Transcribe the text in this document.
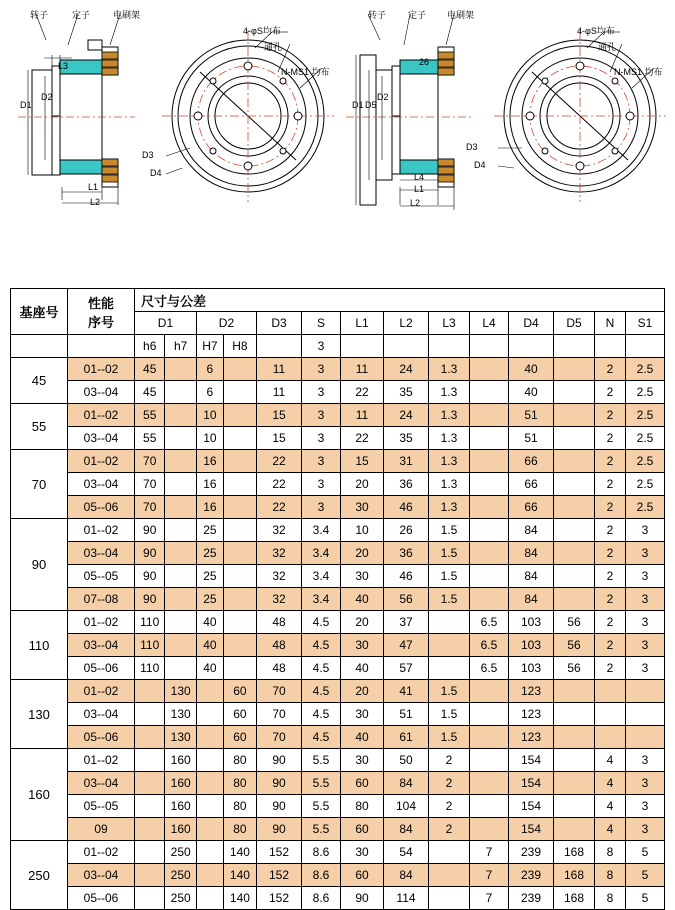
转子	定子	电刷架
4-φS均布
通孔
N-MS1 均布
D3
D4
D1
D2
L3
L1
L2
转子 定子 电刷架
4-φS均布
通孔
N-MS1 均布
D3
D4
D1 D5
D2
26
L4
L1
L2
基座号	性能
序号	尺寸与公差													
		D1		D2		D3	S	L1	L2	L3	L4	D4	D5	N	S1
		h6	h7	H7	H8		3								
45	01--02	45		6		11	3	11	24	1.3		40		2	2.5
	03--04	45		6		11	3	22	35	1.3		40		2	2.5
55	01--02	55		10		15	3	11	24	1.3		51		2	2.5
	03--04	55		10		15	3	22	35	1.3		51		2	2.5
70	01--02	70		16		22	3	15	31	1.3		66		2	2.5
	03--04	70		16		22	3	20	36	1.3		66		2	2.5
	05--06	70		16		22	3	30	46	1.3		66		2	2.5
90	01--02	90		25		32	3.4	10	26	1.5		84		2	3
	03--04	90		25		32	3.4	20	36	1.5		84		2	3
	05--05	90		25		32	3.4	30	46	1.5		84		2	3
	07--08	90		25		32	3.4	40	56	1.5		84		2	3
110	01--02	110		40		48	4.5	20	37		6.5	103	56	2	3
	03--04	110		40		48	4.5	30	47		6.5	103	56	2	3
	05--06	110		40		48	4.5	40	57		6.5	103	56	2	3
130	01--02		130		60	70	4.5	20	41	1.5		123			
	03--04		130		60	70	4.5	30	51	1.5		123			
	05--06		130		60	70	4.5	40	61	1.5		123			
160	01--02		160		80	90	5.5	30	50	2		154		4	3
	03--04		160		80	90	5.5	60	84	2		154		4	3
	05--05		160		80	90	5.5	80	104	2		154		4	3
	09		160		80	90	5.5	60	84	2		154		4	3
250	01--02		250		140	152	8.6	30	54		7	239	168	8	5
	03--04		250		140	152	8.6	60	84		7	239	168	8	5
	05--06		250		140	152	8.6	90	114		7	239	168	8	5
